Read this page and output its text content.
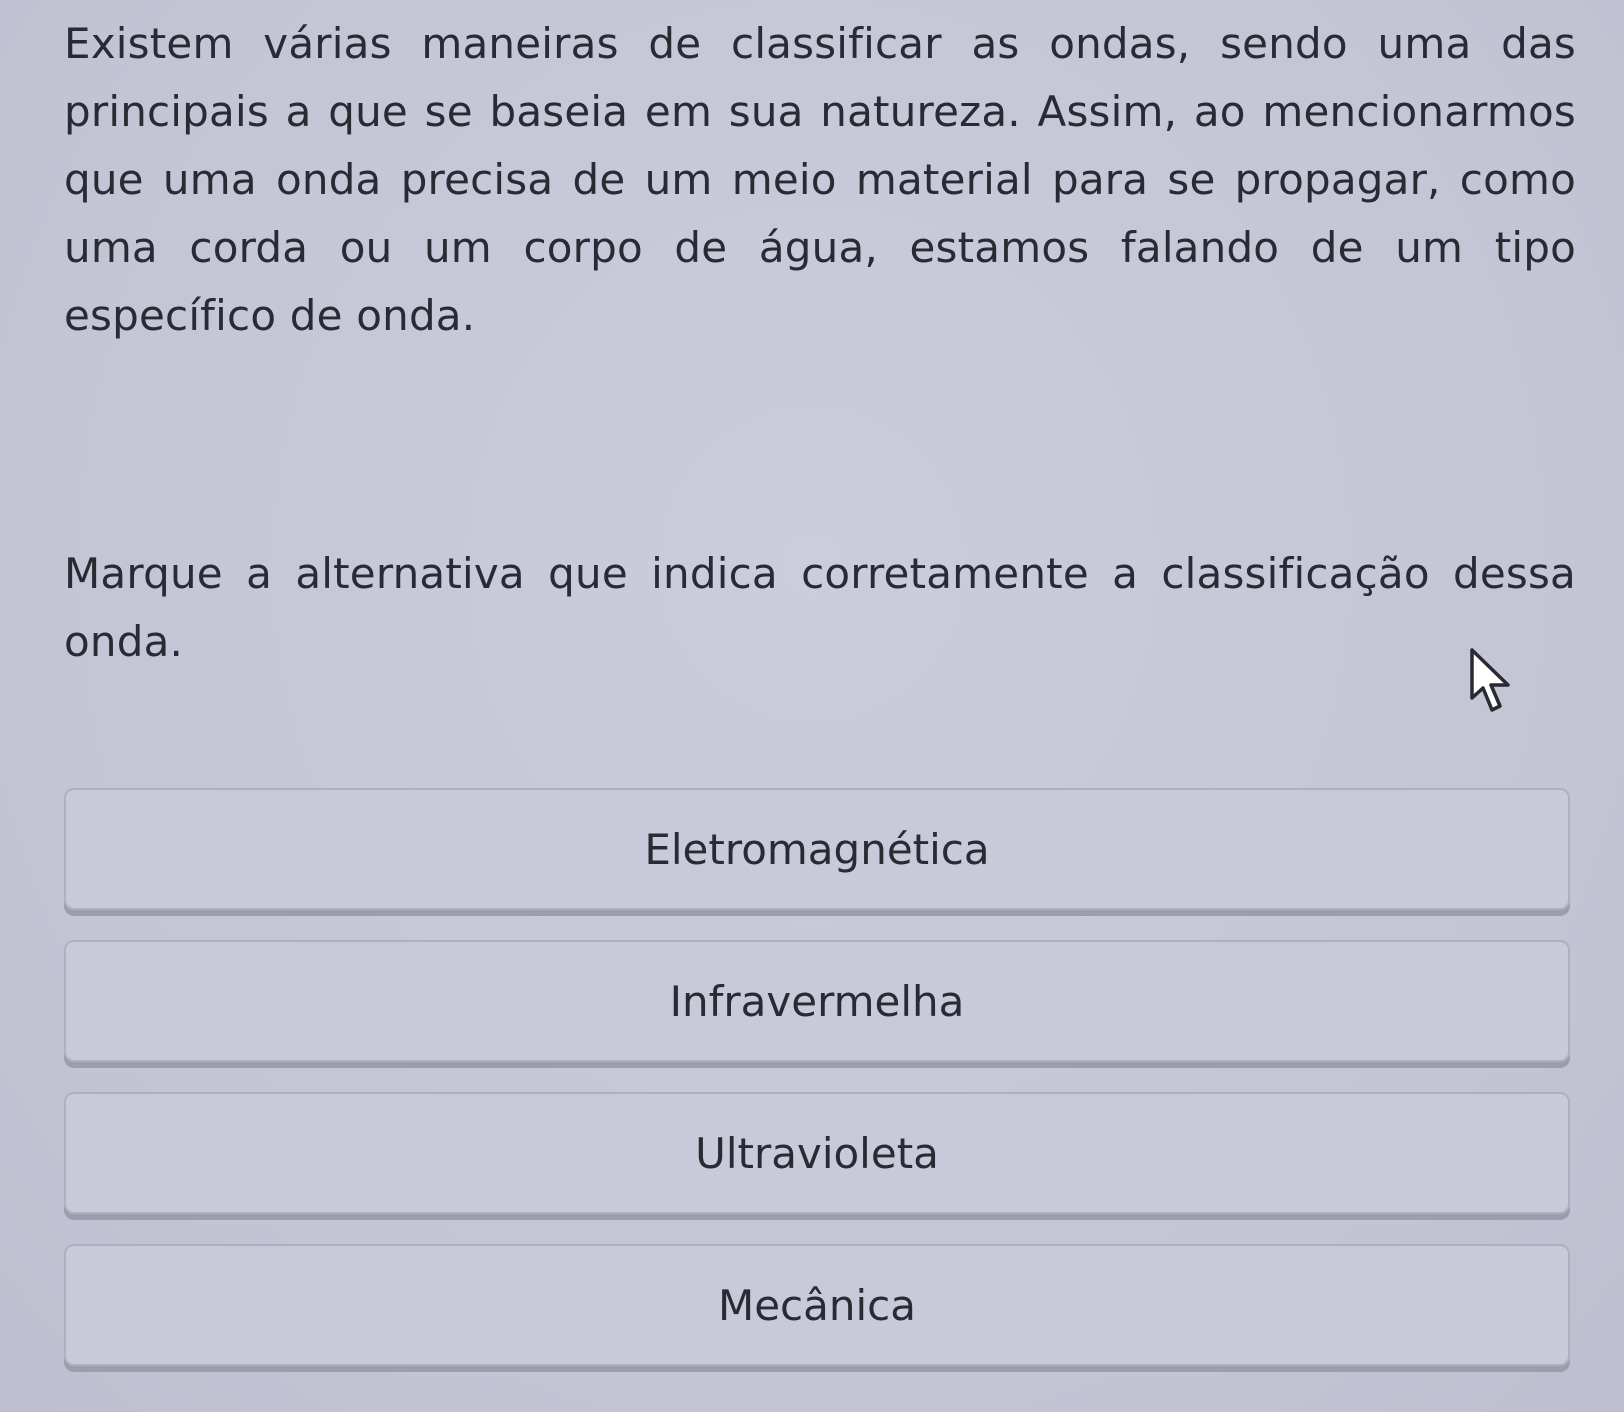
Existem várias maneiras de classificar as ondas, sendo uma das principais a que se baseia em sua natureza. Assim, ao mencionarmos que uma onda precisa de um meio material para se propagar, como uma corda ou um corpo de água, estamos falando de um tipo específico de onda.

Marque a alternativa que indica corretamente a classificação dessa onda.

Eletromagnética
Infravermelha
Ultravioleta
Mecânica
